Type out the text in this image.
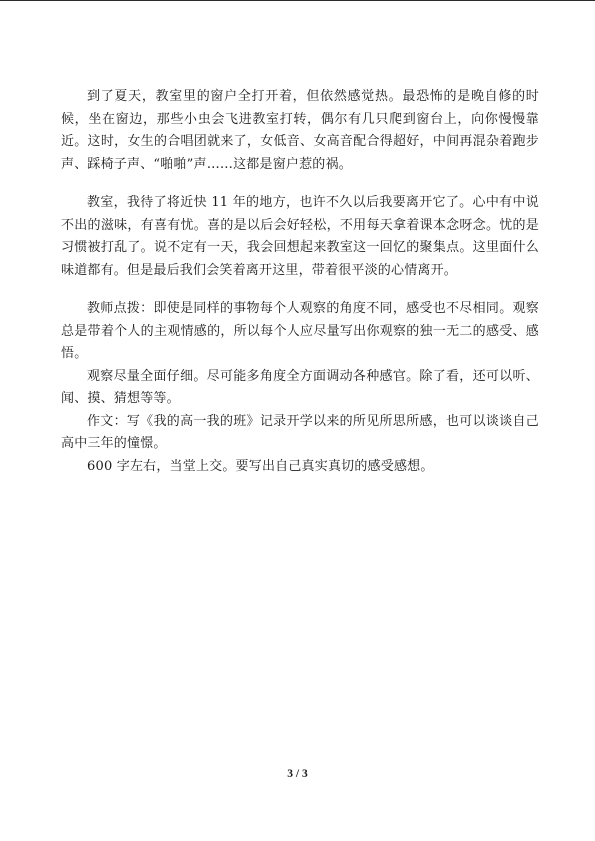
到了夏天，教室里的窗户全打开着，但依然感觉热。最恐怖的是晚自修的时候，坐在窗边，那些小虫会飞进教室打转，偶尔有几只爬到窗台上，向你慢慢靠近。这时，女生的合唱团就来了，女低音、女高音配合得超好，中间再混杂着跑步声、踩椅子声、“啪啪”声……这都是窗户惹的祸。

教室，我待了将近快 11 年的地方，也许不久以后我要离开它了。心中有中说不出的滋味，有喜有忧。喜的是以后会好轻松，不用每天拿着课本念呀念。忧的是习惯被打乱了。说不定有一天，我会回想起来教室这一回忆的聚集点。这里面什么味道都有。但是最后我们会笑着离开这里，带着很平淡的心情离开。

教师点拨：即使是同样的事物每个人观察的角度不同，感受也不尽相同。观察总是带着个人的主观情感的，所以每个人应尽量写出你观察的独一无二的感受、感悟。

观察尽量全面仔细。尽可能多角度全方面调动各种感官。除了看，还可以听、闻、摸、猜想等等。

作文：写《我的高一我的班》记录开学以来的所见所思所感，也可以谈谈自己高中三年的憧憬。

600 字左右，当堂上交。要写出自己真实真切的感受感想。

3 / 3
